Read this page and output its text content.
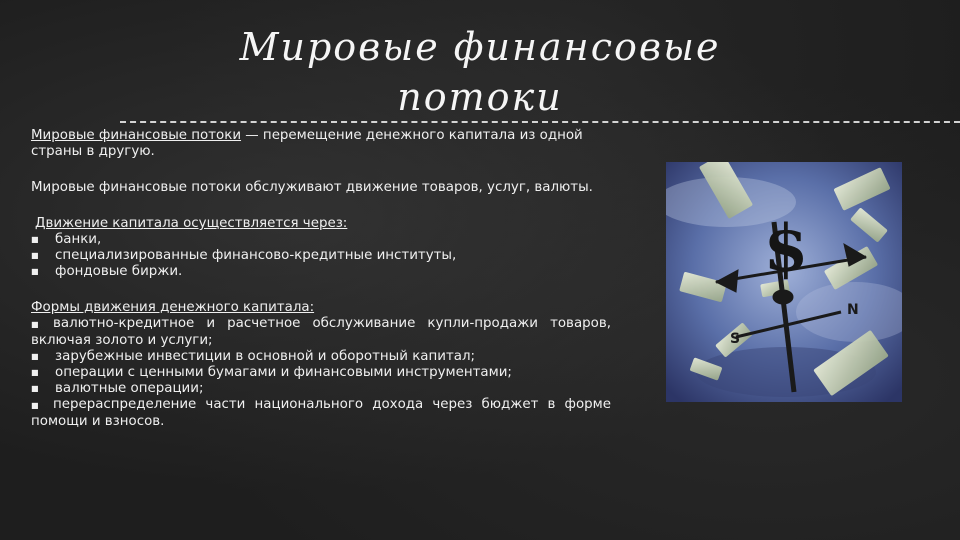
Мировые финансовые потоки

Мировые финансовые потоки — перемещение денежного капитала из одной страны в другую.

Мировые финансовые потоки обслуживают движение товаров, услуг, валюты.

Движение капитала осуществляется через:

■	банки,
■	специализированные финансово-кредитные институты,
■	фондовые биржи.

Формы движения денежного капитала:

■ валютно-кредитное и расчетное обслуживание купли-продажи товаров, включая золото и услуги;

■	зарубежные инвестиции в основной и оборотный капитал;
■	операции с ценными бумагами и финансовыми инструментами;
■	валютные операции;

■ перераспределение части национального дохода через бюджет в форме помощи и взносов.

$
N
S
